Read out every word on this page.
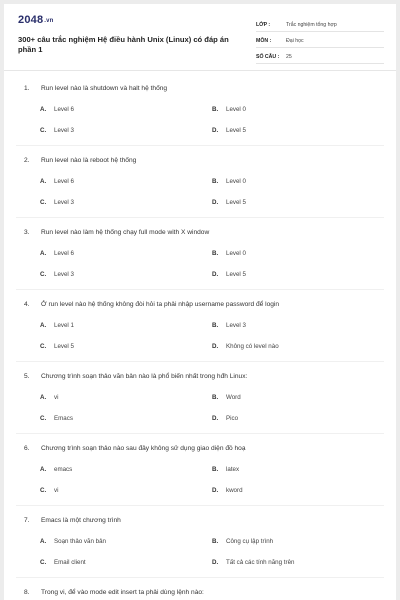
2048.vn
300+ câu trắc nghiệm Hệ điều hành Unix (Linux) có đáp án phần 1
LỚP :	Trắc nghiệm tổng hợp
MÔN :	Đại học
SỐ CÂU :	25
1. Run level nào là shutdown và halt hệ thống
A. Level 6	B. Level 0
C. Level 3	D. Level 5
2. Run level nào là reboot hệ thống
A. Level 6	B. Level 0
C. Level 3	D. Level 5
3. Run level nào làm hệ thống chạy full mode with X window
A. Level 6	B. Level 0
C. Level 3	D. Level 5
4. Ở run level nào hệ thống không đòi hỏi ta phải nhập username password để login
A. Level 1	B. Level 3
C. Level 5	D. Không có level nào
5. Chương trình soạn thảo văn bản nào là phổ biến nhất trong hđh Linux:
A. vi	B. Word
C. Emacs	D. Pico
6. Chương trình soạn thảo nào sau đây không sử dụng giao diện đồ hoạ
A. emacs	B. latex
C. vi	D. kword
7. Emacs là một chương trình
A. Soạn thảo văn bản	B. Công cụ lập trình
C. Email client	D. Tất cả các tính năng trên
8. Trong vi, để vào mode edit insert ta phải dùng lệnh nào:
